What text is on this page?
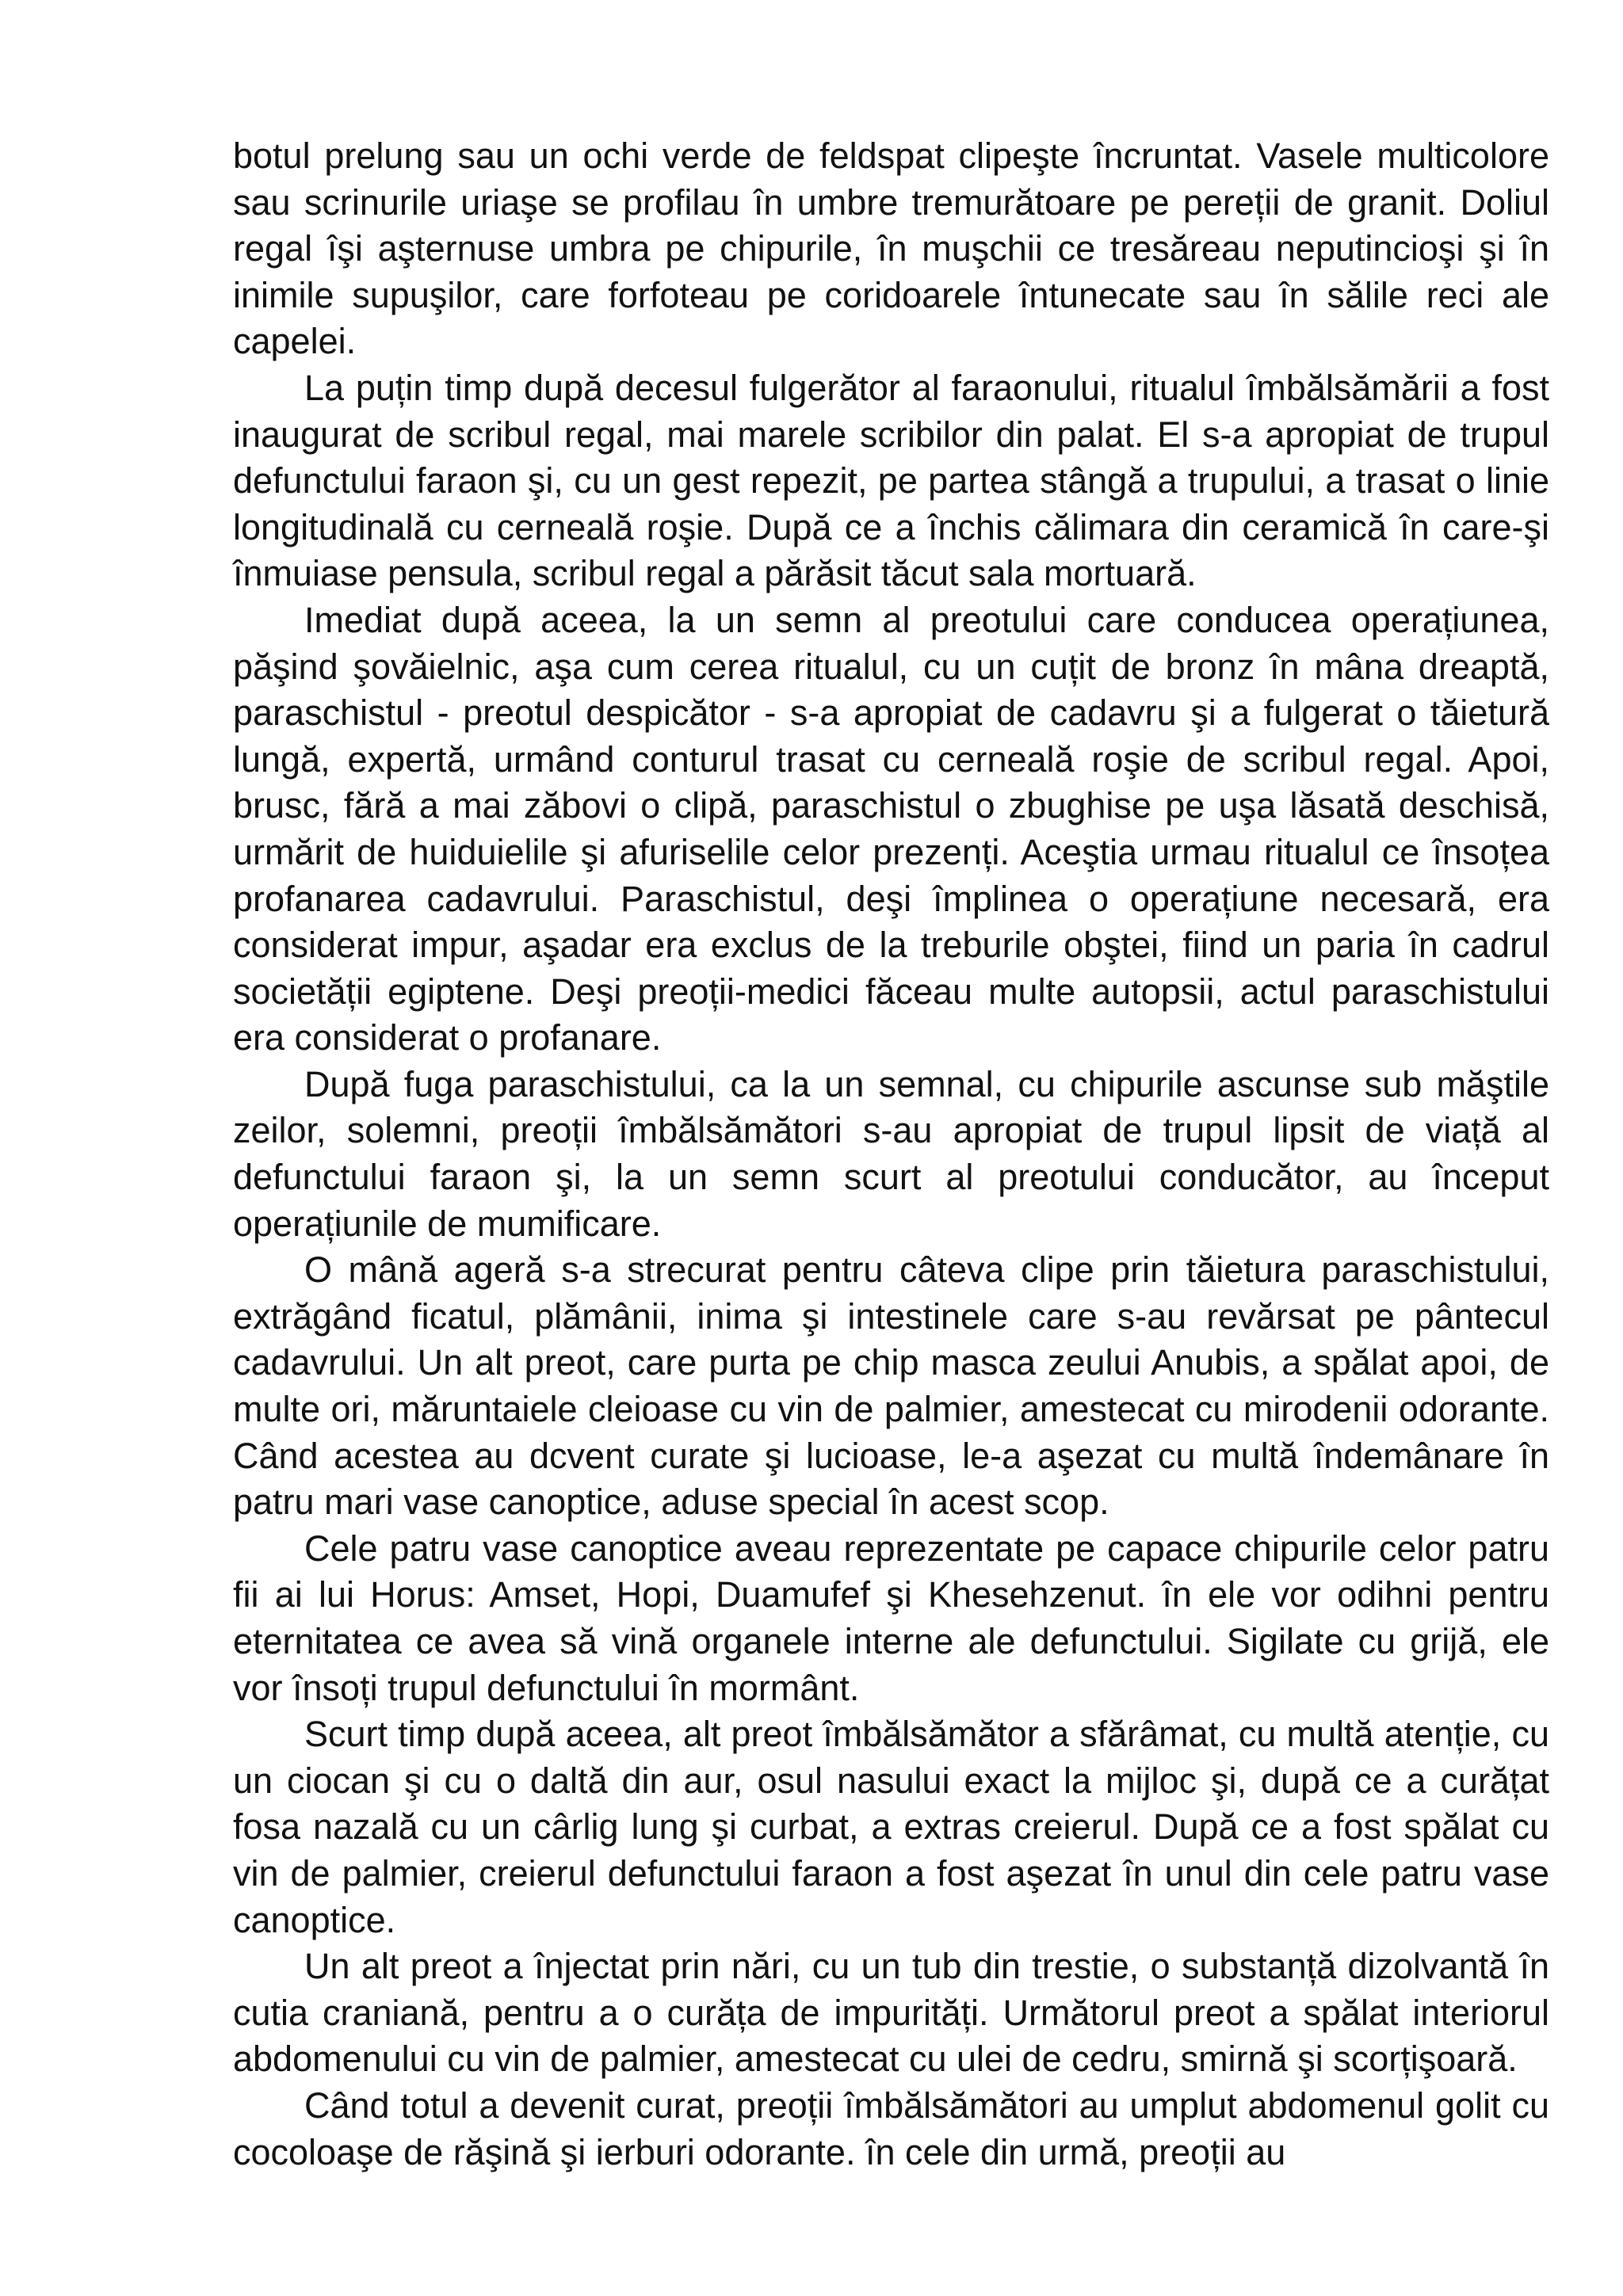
botul prelung sau un ochi verde de feldspat clipeşte încruntat. Vasele multicolore sau scrinurile uriaşe se profilau în umbre tremurătoare pe pereții de granit. Doliul regal îşi aşternuse umbra pe chipurile, în muşchii ce tresăreau neputincioşi şi în inimile supuşilor, care forfoteau pe coridoarele întunecate sau în sălile reci ale capelei.

La puțin timp după decesul fulgerător al faraonului, ritualul îmbălsămării a fost inaugurat de scribul regal, mai marele scribilor din palat. El s-a apropiat de trupul defunctului faraon şi, cu un gest repezit, pe partea stângă a trupului, a trasat o linie longitudinală cu cerneală roşie. După ce a închis călimara din ceramică în care-şi înmuiase pensula, scribul regal a părăsit tăcut sala mortuară.

Imediat după aceea, la un semn al preotului care conducea operațiunea, păşind şovăielnic, aşa cum cerea ritualul, cu un cuțit de bronz în mâna dreaptă, paraschistul - preotul despicător - s-a apropiat de cadavru şi a fulgerat o tăietură lungă, expertă, urmând conturul trasat cu cerneală roşie de scribul regal. Apoi, brusc, fără a mai zăbovi o clipă, paraschistul o zbughise pe uşa lăsată deschisă, urmărit de huiduielile şi afuriselile celor prezenți. Aceştia urmau ritualul ce însoțea profanarea cadavrului. Paraschistul, deşi împlinea o operațiune necesară, era considerat impur, aşadar era exclus de la treburile obştei, fiind un paria în cadrul societății egiptene. Deşi preoții-medici făceau multe autopsii, actul paraschistului era considerat o profanare.

După fuga paraschistului, ca la un semnal, cu chipurile ascunse sub măştile zeilor, solemni, preoții îmbălsămători s-au apropiat de trupul lipsit de viață al defunctului faraon şi, la un semn scurt al preotului conducător, au început operațiunile de mumificare.

O mână ageră s-a strecurat pentru câteva clipe prin tăietura paraschistului, extrăgând ficatul, plămânii, inima şi intestinele care s-au revărsat pe pântecul cadavrului. Un alt preot, care purta pe chip masca zeului Anubis, a spălat apoi, de multe ori, măruntaiele cleioase cu vin de palmier, amestecat cu mirodenii odorante. Când acestea au dcvent curate şi lucioase, le-a aşezat cu multă îndemânare în patru mari vase canoptice, aduse special în acest scop.

Cele patru vase canoptice aveau reprezentate pe capace chipurile celor patru fii ai lui Horus: Amset, Hopi, Duamufef şi Khesehzenut. în ele vor odihni pentru eternitatea ce avea să vină organele interne ale defunctului. Sigilate cu grijă, ele vor însoți trupul defunctului în mormânt.

Scurt timp după aceea, alt preot îmbălsămător a sfărâmat, cu multă atenție, cu un ciocan şi cu o daltă din aur, osul nasului exact la mijloc şi, după ce a curățat fosa nazală cu un cârlig lung şi curbat, a extras creierul. După ce a fost spălat cu vin de palmier, creierul defunctului faraon a fost aşezat în unul din cele patru vase canoptice.

Un alt preot a înjectat prin nări, cu un tub din trestie, o substanță dizolvantă în cutia craniană, pentru a o curăța de impurități. Următorul preot a spălat interiorul abdomenului cu vin de palmier, amestecat cu ulei de cedru, smirnă şi scorțişoară.

Când totul a devenit curat, preoții îmbălsămători au umplut abdomenul golit cu cocoloaşe de răşină şi ierburi odorante. în cele din urmă, preoții au
